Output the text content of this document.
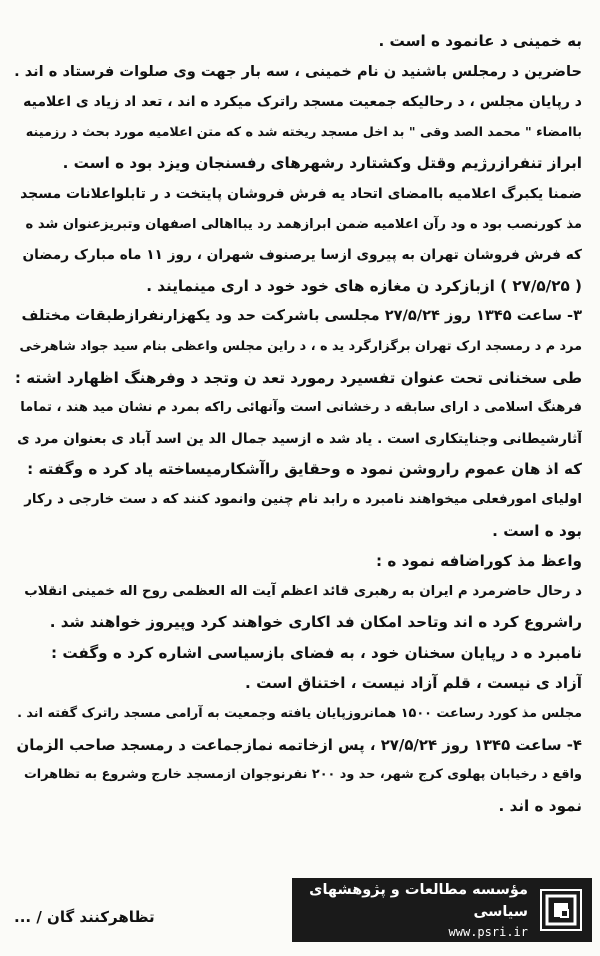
به خمینی د عانمود ه است .
حاضرین د رمجلس باشنید ن نام خمینی ، سه بار جهت وی صلوات فرستاد ه اند .
د رپایان مجلس ، د رحالیکه جمعیت مسجد راترک میکرد ه اند ، تعد اد زیاد ی اعلامیه
باامضاء " محمد الصد وقی " بد اخل مسجد ریخته شد ه که متن اعلامیه مورد بحث د رزمینه
ابراز تنفرازرژیم وقتل وکشتارد رشهرهای رفسنجان ویزد بود ه است .
ضمنا یکبرگ اعلامیه باامضای اتحاد یه فرش فروشان پایتخت د ر تابلواعلانات مسجد
مذ کورنصب بود ه ود رآن اعلامیه ضمن ابرازهمد رد یبااهالی اصفهان وتبریزعنوان شد ه
که فرش فروشان تهران به پیروی ازسا یرصنوف شهران ، روز ۱۱ ماه مبارک رمضان
( ۲۷/۵/۲۵ ) ازبازکرد ن مغازه های خود خود د اری مینمایند .
۳- ساعت ۱۳۴۵ روز ۲۷/۵/۲۴ مجلسی باشرکت حد ود یکهزارنفرازطبقات مختلف
مرد م د رمسجد ارک تهران برگزارگرد ید ه ، د راین مجلس واعظی بنام سید جواد شاهرخی
طی سخنانی تحت عنوان تفسیرد رمورد تعد ن وتجد د وفرهنگ اظهارد اشته :
فرهنگ اسلامی د ارای سابقه د رخشانی است وآنهائی راکه بمرد م نشان مید هند ، تماما
آثارشیطانی وجنایتکاری است . یاد شد ه ازسید جمال الد ین اسد آباد ی بعنوان مرد ی
که اذ هان عموم راروشن نمود ه وحقایق راآشکارمیساخته یاد کرد ه وگفته :
اولیای امورفعلی میخواهند نامبرد ه رابد نام چنین وانمود کنند که د ست خارجی د رکار
بود ه است .
واعظ مذ کوراضافه نمود ه :
د رحال حاضرمرد م ایران به رهبری قائد اعظم آیت اله العظمی روح اله خمینی انقلاب
راشروع کرد ه اند وتاحد امکان فد اکاری خواهند کرد وپیروز خواهند شد .
نامبرد ه د رپایان سخنان خود ، به فضای بازسیاسی اشاره کرد ه وگفت :
آزاد ی نیست ، قلم آزاد نیست ، اختناق است .
مجلس مذ کورد رساعت ۱۵۰۰ همانروزپایان یافته وجمعیت به آرامی مسجد راترک گفته اند .
۴- ساعت ۱۳۴۵ روز ۲۷/۵/۲۴ ، پس ازخاتمه نمازجماعت د رمسجد صاحب الزمان
واقع د رخیابان پهلوی کرج شهر، حد ود ۲۰۰ نفرنوجوان ازمسجد خارج وشروع به تظاهرات
نمود ه اند .
تظاهرکنند گان / ...
مؤسسه مطالعات و پژوهشهای سیاسی
www.psri.ir
